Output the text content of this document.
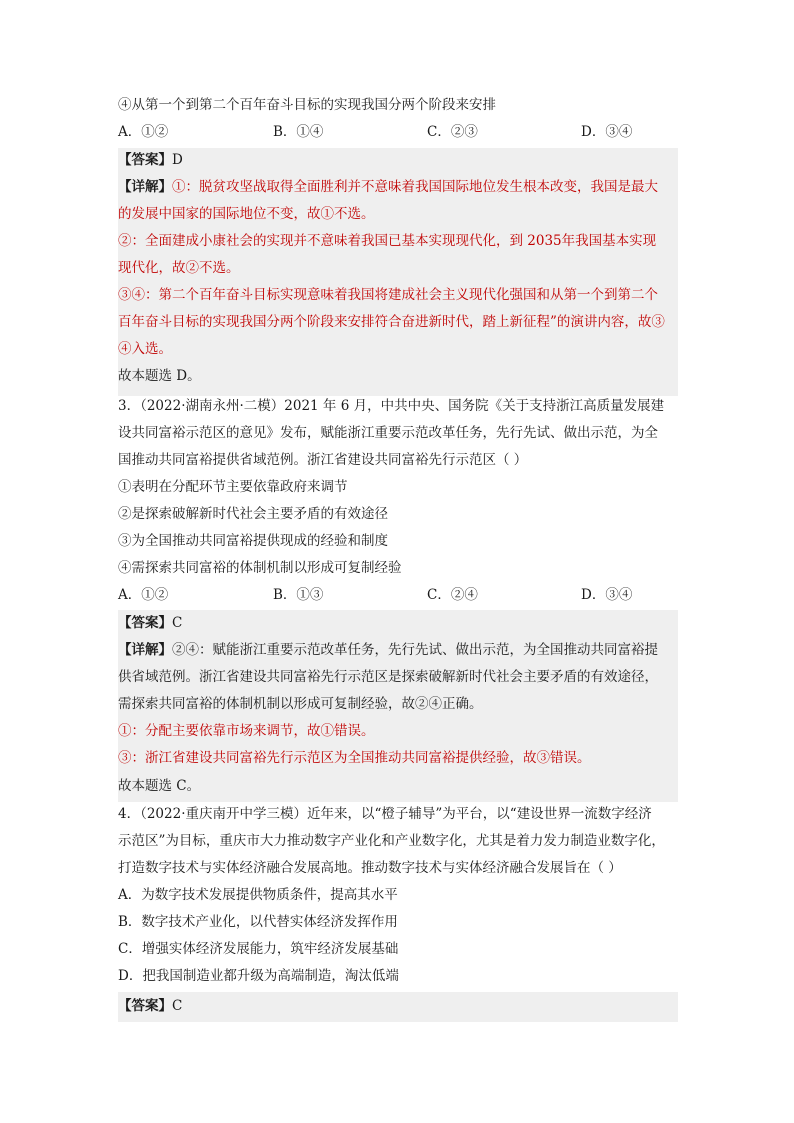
④从第一个到第二个百年奋斗目标的实现我国分两个阶段来安排
A．①②	B．①④	C．②③	D．③④
【答案】D
【详解】①：脱贫攻坚战取得全面胜利并不意味着我国国际地位发生根本改变，我国是最大
的发展中国家的国际地位不变，故①不选。
②：全面建成小康社会的实现并不意味着我国已基本实现现代化，到 2035年我国基本实现
现代化，故②不选。
③④：第二个百年奋斗目标实现意味着我国将建成社会主义现代化强国和从第一个到第二个
百年奋斗目标的实现我国分两个阶段来安排符合奋进新时代，踏上新征程”的演讲内容，故③
④入选。
故本题选 D。
3．（2022·湖南永州·二模）2021 年 6 月，中共中央、国务院《关于支持浙江高质量发展建
设共同富裕示范区的意见》发布，赋能浙江重要示范改革任务，先行先试、做出示范，为全
国推动共同富裕提供省域范例。浙江省建设共同富裕先行示范区（ ）
①表明在分配环节主要依靠政府来调节
②是探索破解新时代社会主要矛盾的有效途径
③为全国推动共同富裕提供现成的经验和制度
④需探索共同富裕的体制机制以形成可复制经验
A．①②	B．①③	C．②④	D．③④
【答案】C
【详解】②④：赋能浙江重要示范改革任务，先行先试、做出示范，为全国推动共同富裕提
供省域范例。浙江省建设共同富裕先行示范区是探索破解新时代社会主要矛盾的有效途径，
需探索共同富裕的体制机制以形成可复制经验，故②④正确。
①：分配主要依靠市场来调节，故①错误。
③：浙江省建设共同富裕先行示范区为全国推动共同富裕提供经验，故③错误。
故本题选 C。
4．（2022·重庆南开中学三模）近年来，以“橙子辅导”为平台，以“建设世界一流数字经济
示范区”为目标，重庆市大力推动数字产业化和产业数字化，尤其是着力发力制造业数字化，
打造数字技术与实体经济融合发展高地。推动数字技术与实体经济融合发展旨在（ ）
A．为数字技术发展提供物质条件，提高其水平
B．数字技术产业化，以代替实体经济发挥作用
C．增强实体经济发展能力，筑牢经济发展基础
D．把我国制造业都升级为高端制造，淘汰低端
【答案】C
